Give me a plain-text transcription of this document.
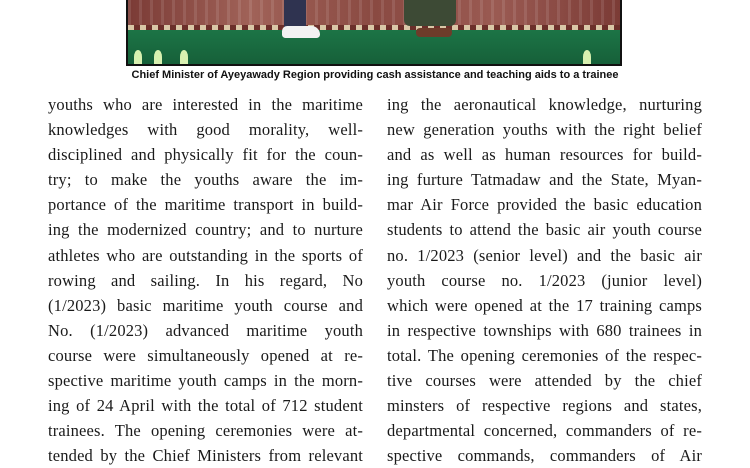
Chief Minister of Ayeyawady Region providing cash assistance and teaching aids to a trainee
youths who are interested in the maritime
knowledges with good morality, well-
disciplined and physically fit for the coun-
try; to make the youths aware the im-
portance of the maritime transport in build-
ing the modernized country; and to nurture
athletes who are outstanding in the sports of
rowing and sailing. In his regard, No
(1/2023) basic maritime youth course and
No. (1/2023) advanced maritime youth
course were simultaneously opened at re-
spective maritime youth camps in the morn-
ing of 24 April with the total of 712 student
trainees. The opening ceremonies were at-
tended by the Chief Ministers from relevant
ing the aeronautical knowledge, nurturing
new generation youths with the right belief
and as well as human resources for build-
ing furture Tatmadaw and the State, Myan-
mar Air Force provided the basic education
students to attend the basic air youth course
no. 1/2023 (senior level) and the basic air
youth course no. 1/2023 (junior level)
which were opened at the 17 training camps
in respective townships with 680 trainees in
total. The opening ceremonies of the respec-
tive courses were attended by the chief
minsters of respective regions and states,
departmental concerned, commanders of re-
spective commands, commanders of Air
